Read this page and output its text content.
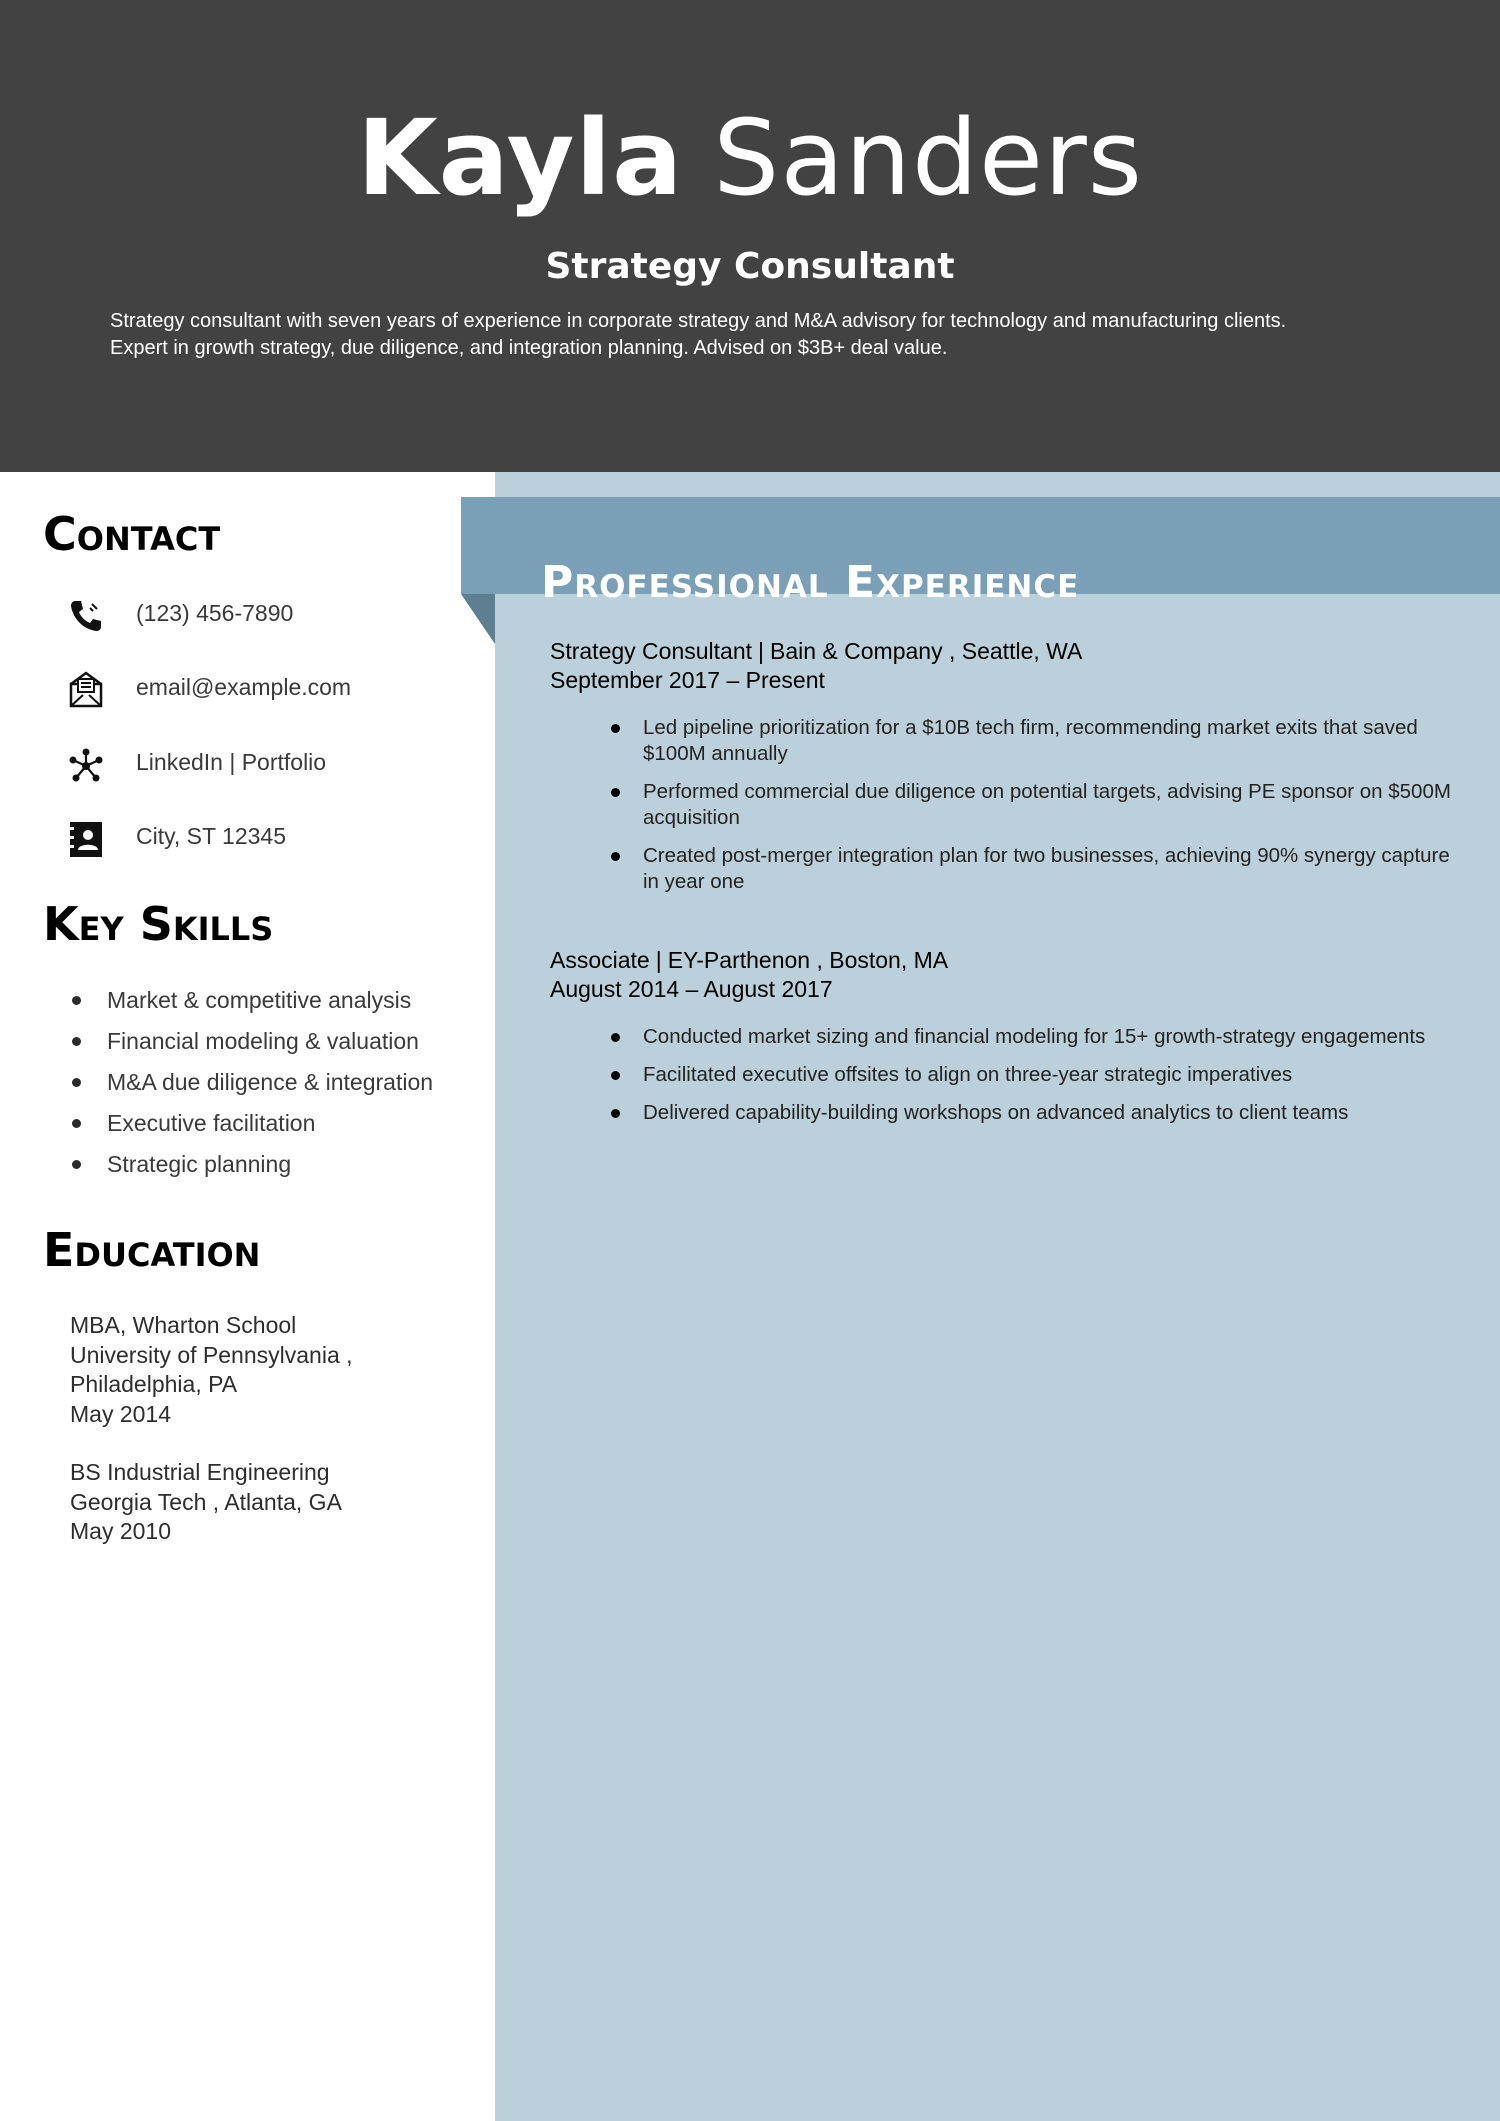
Kayla Sanders
Strategy Consultant

Strategy consultant with seven years of experience in corporate strategy and M&A advisory for technology and manufacturing clients.

Expert in growth strategy, due diligence, and integration planning. Advised on $3B+ deal value.

Professional Experience
Contact
(123) 456-7890
email@example.com
LinkedIn | Portfolio
City, ST 12345
Key Skills
Market & competitive analysis
Financial modeling & valuation
M&A due diligence & integration
Executive facilitation
Strategic planning
Education
MBA, Wharton School
University of Pennsylvania ,
Philadelphia, PA
May 2014
BS Industrial Engineering
Georgia Tech , Atlanta, GA
May 2010
Strategy Consultant | Bain & Company , Seattle, WA
September 2017 – Present
Led pipeline prioritization for a $10B tech firm, recommending market exits that saved $100M annually
Performed commercial due diligence on potential targets, advising PE sponsor on $500M acquisition
Created post-merger integration plan for two businesses, achieving 90% synergy capture in year one
Associate | EY-Parthenon , Boston, MA
August 2014 – August 2017
Conducted market sizing and financial modeling for 15+ growth-strategy engagements
Facilitated executive offsites to align on three-year strategic imperatives
Delivered capability-building workshops on advanced analytics to client teams
